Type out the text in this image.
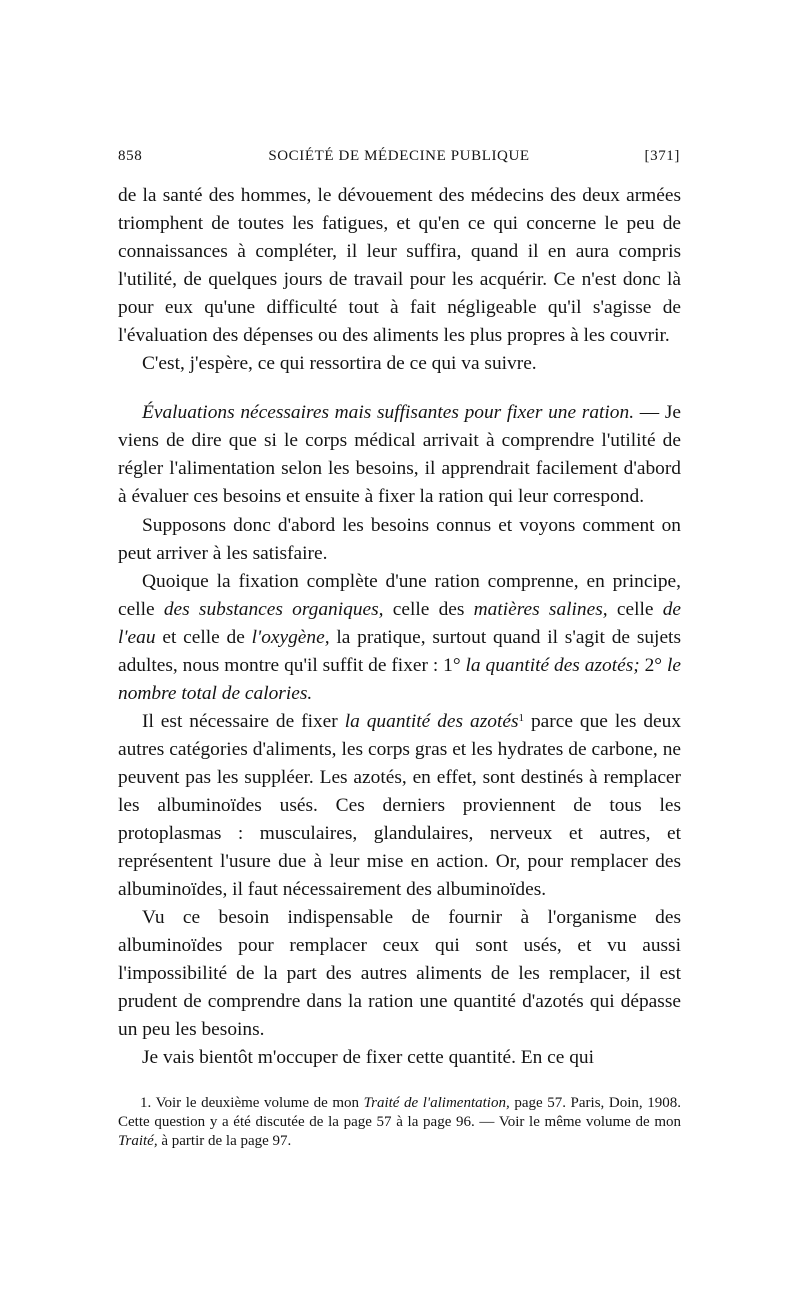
858	SOCIÉTÉ DE MÉDECINE PUBLIQUE	[371]

de la santé des hommes, le dévouement des médecins des deux armées triomphent de toutes les fatigues, et qu'en ce qui concerne le peu de connaissances à compléter, il leur suffira, quand il en aura compris l'utilité, de quelques jours de travail pour les acquérir. Ce n'est donc là pour eux qu'une difficulté tout à fait négligeable qu'il s'agisse de l'évaluation des dépenses ou des aliments les plus propres à les couvrir.

C'est, j'espère, ce qui ressortira de ce qui va suivre.

Évaluations nécessaires mais suffisantes pour fixer une ration. — Je viens de dire que si le corps médical arrivait à comprendre l'utilité de régler l'alimentation selon les besoins, il apprendrait facilement d'abord à évaluer ces besoins et ensuite à fixer la ration qui leur correspond.

Supposons donc d'abord les besoins connus et voyons comment on peut arriver à les satisfaire.

Quoique la fixation complète d'une ration comprenne, en principe, celle des substances organiques, celle des matières salines, celle de l'eau et celle de l'oxygène, la pratique, surtout quand il s'agit de sujets adultes, nous montre qu'il suffit de fixer : 1° la quantité des azotés; 2° le nombre total de calories.

Il est nécessaire de fixer la quantité des azotés$^1$ parce que les deux autres catégories d'aliments, les corps gras et les hydrates de carbone, ne peuvent pas les suppléer. Les azotés, en effet, sont destinés à remplacer les albuminoïdes usés. Ces derniers proviennent de tous les protoplasmas : musculaires, glandulaires, nerveux et autres, et représentent l'usure due à leur mise en action. Or, pour remplacer des albuminoïdes, il faut nécessairement des albuminoïdes.

Vu ce besoin indispensable de fournir à l'organisme des albuminoïdes pour remplacer ceux qui sont usés, et vu aussi l'impossibilité de la part des autres aliments de les remplacer, il est prudent de comprendre dans la ration une quantité d'azotés qui dépasse un peu les besoins.

Je vais bientôt m'occuper de fixer cette quantité. En ce qui

1. Voir le deuxième volume de mon Traité de l'alimentation, page 57. Paris, Doin, 1908. Cette question y a été discutée de la page 57 à la page 96. — Voir le même volume de mon Traité, à partir de la page 97.
